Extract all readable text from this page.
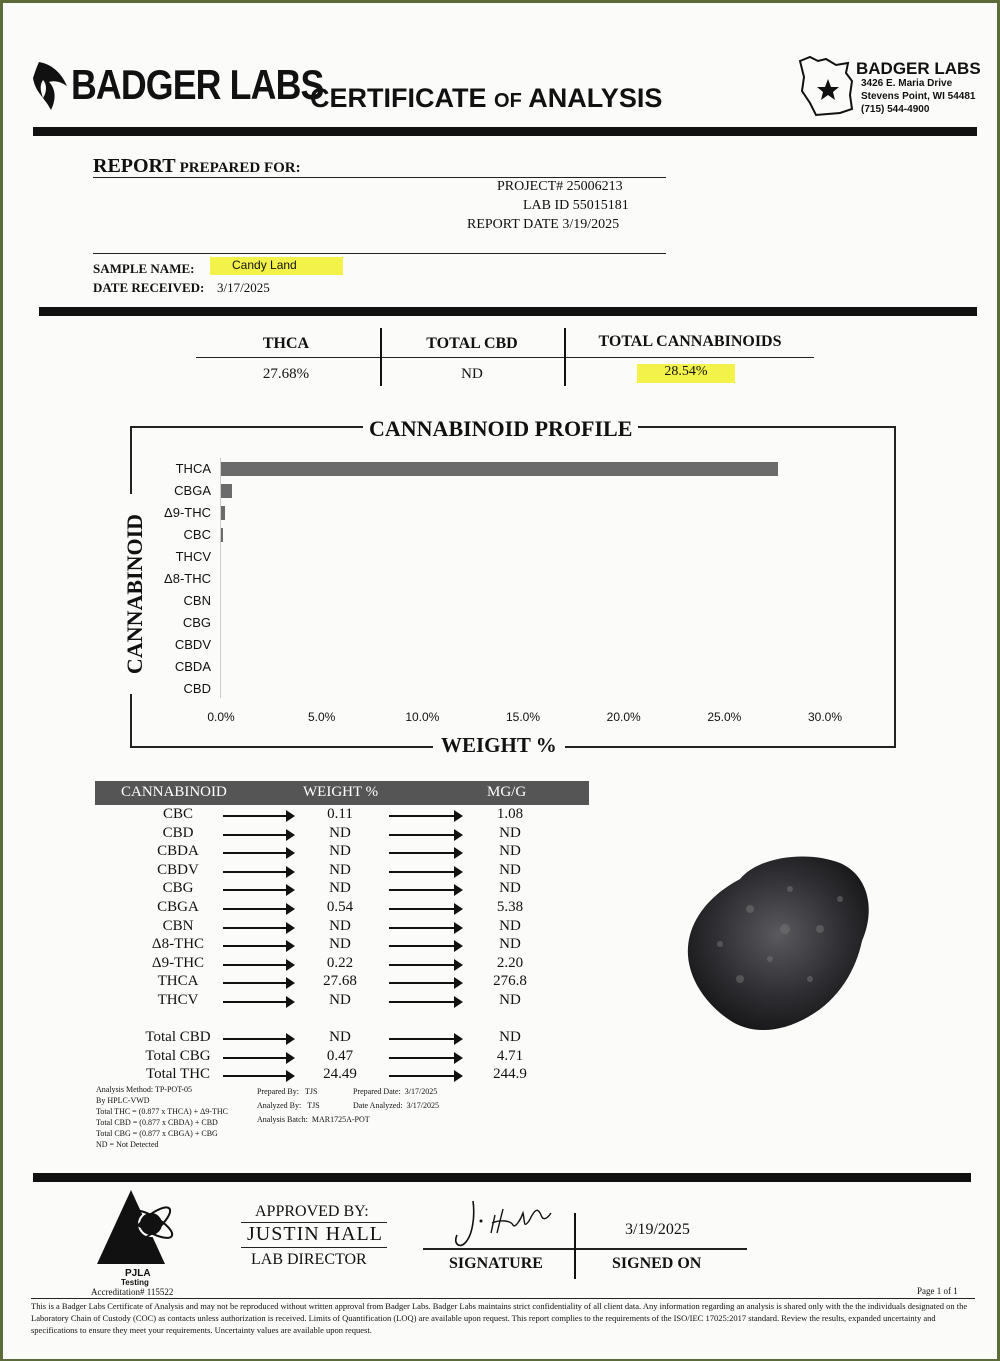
BADGER LABS
CERTIFICATE OF ANALYSIS
BADGER LABS
3426 E. Maria Drive
Stevens Point, WI 54481
(715) 544-4900
REPORT PREPARED FOR:
PROJECT# 25006213
LAB ID 55015181
REPORT DATE 3/19/2025
SAMPLE NAME:	Candy Land
DATE RECEIVED: 3/17/2025
THCA	TOTAL CBD	TOTAL CANNABINOIDS
27.68%	ND	28.54%
CANNABINOID PROFILE
CANNABINOID
WEIGHT %
THCA
CBGA
Δ9-THC
CBC
THCV
Δ8-THC
CBN
CBG
CBDV
CBDA
CBD
0.0%	5.0%	10.0%	15.0%	20.0%	25.0%	30.0%
CANNABINOID	WEIGHT %	MG/G
CBC	0.11	1.08
CBD	ND	ND
CBDA	ND	ND
CBDV	ND	ND
CBG	ND	ND
CBGA	0.54	5.38
CBN	ND	ND
Δ8-THC	ND	ND
Δ9-THC	0.22	2.20
THCA	27.68	276.8
THCV	ND	ND
Total CBD	ND	ND
Total CBG	0.47	4.71
Total THC	24.49	244.9
Analysis Method: TP-POT-05
By HPLC-VWD
Total THC = (0.877 x THCA) + Δ9-THC
Total CBD = (0.877 x CBDA) + CBD
Total CBG = (0.877 x CBGA) + CBG
ND = Not Detected
Prepared By: TJS
Analyzed By: TJS
Analysis Batch: MAR1725A-POT
Prepared Date: 3/17/2025
Date Analyzed: 3/17/2025
PJLA
Testing
Accreditation# 115522
APPROVED BY:
JUSTIN HALL
LAB DIRECTOR	SIGNATURE
3/19/2025
SIGNED ON
Page 1 of 1
This is a Badger Labs Certificate of Analysis and may not be reproduced without written approval from Badger Labs. Badger Labs maintains strict confidentiality of all client data. Any information regarding an analysis is shared only with the the individuals designated on the Laboratory Chain of Custody (COC) as contacts unless authorization is received. Limits of Quantification (LOQ) are available upon request. This report complies to the requirements of the ISO/IEC 17025:2017 standard. Review the results, expanded uncertainty and specifications to ensure they meet your requirements. Uncertainty values are available upon request.
